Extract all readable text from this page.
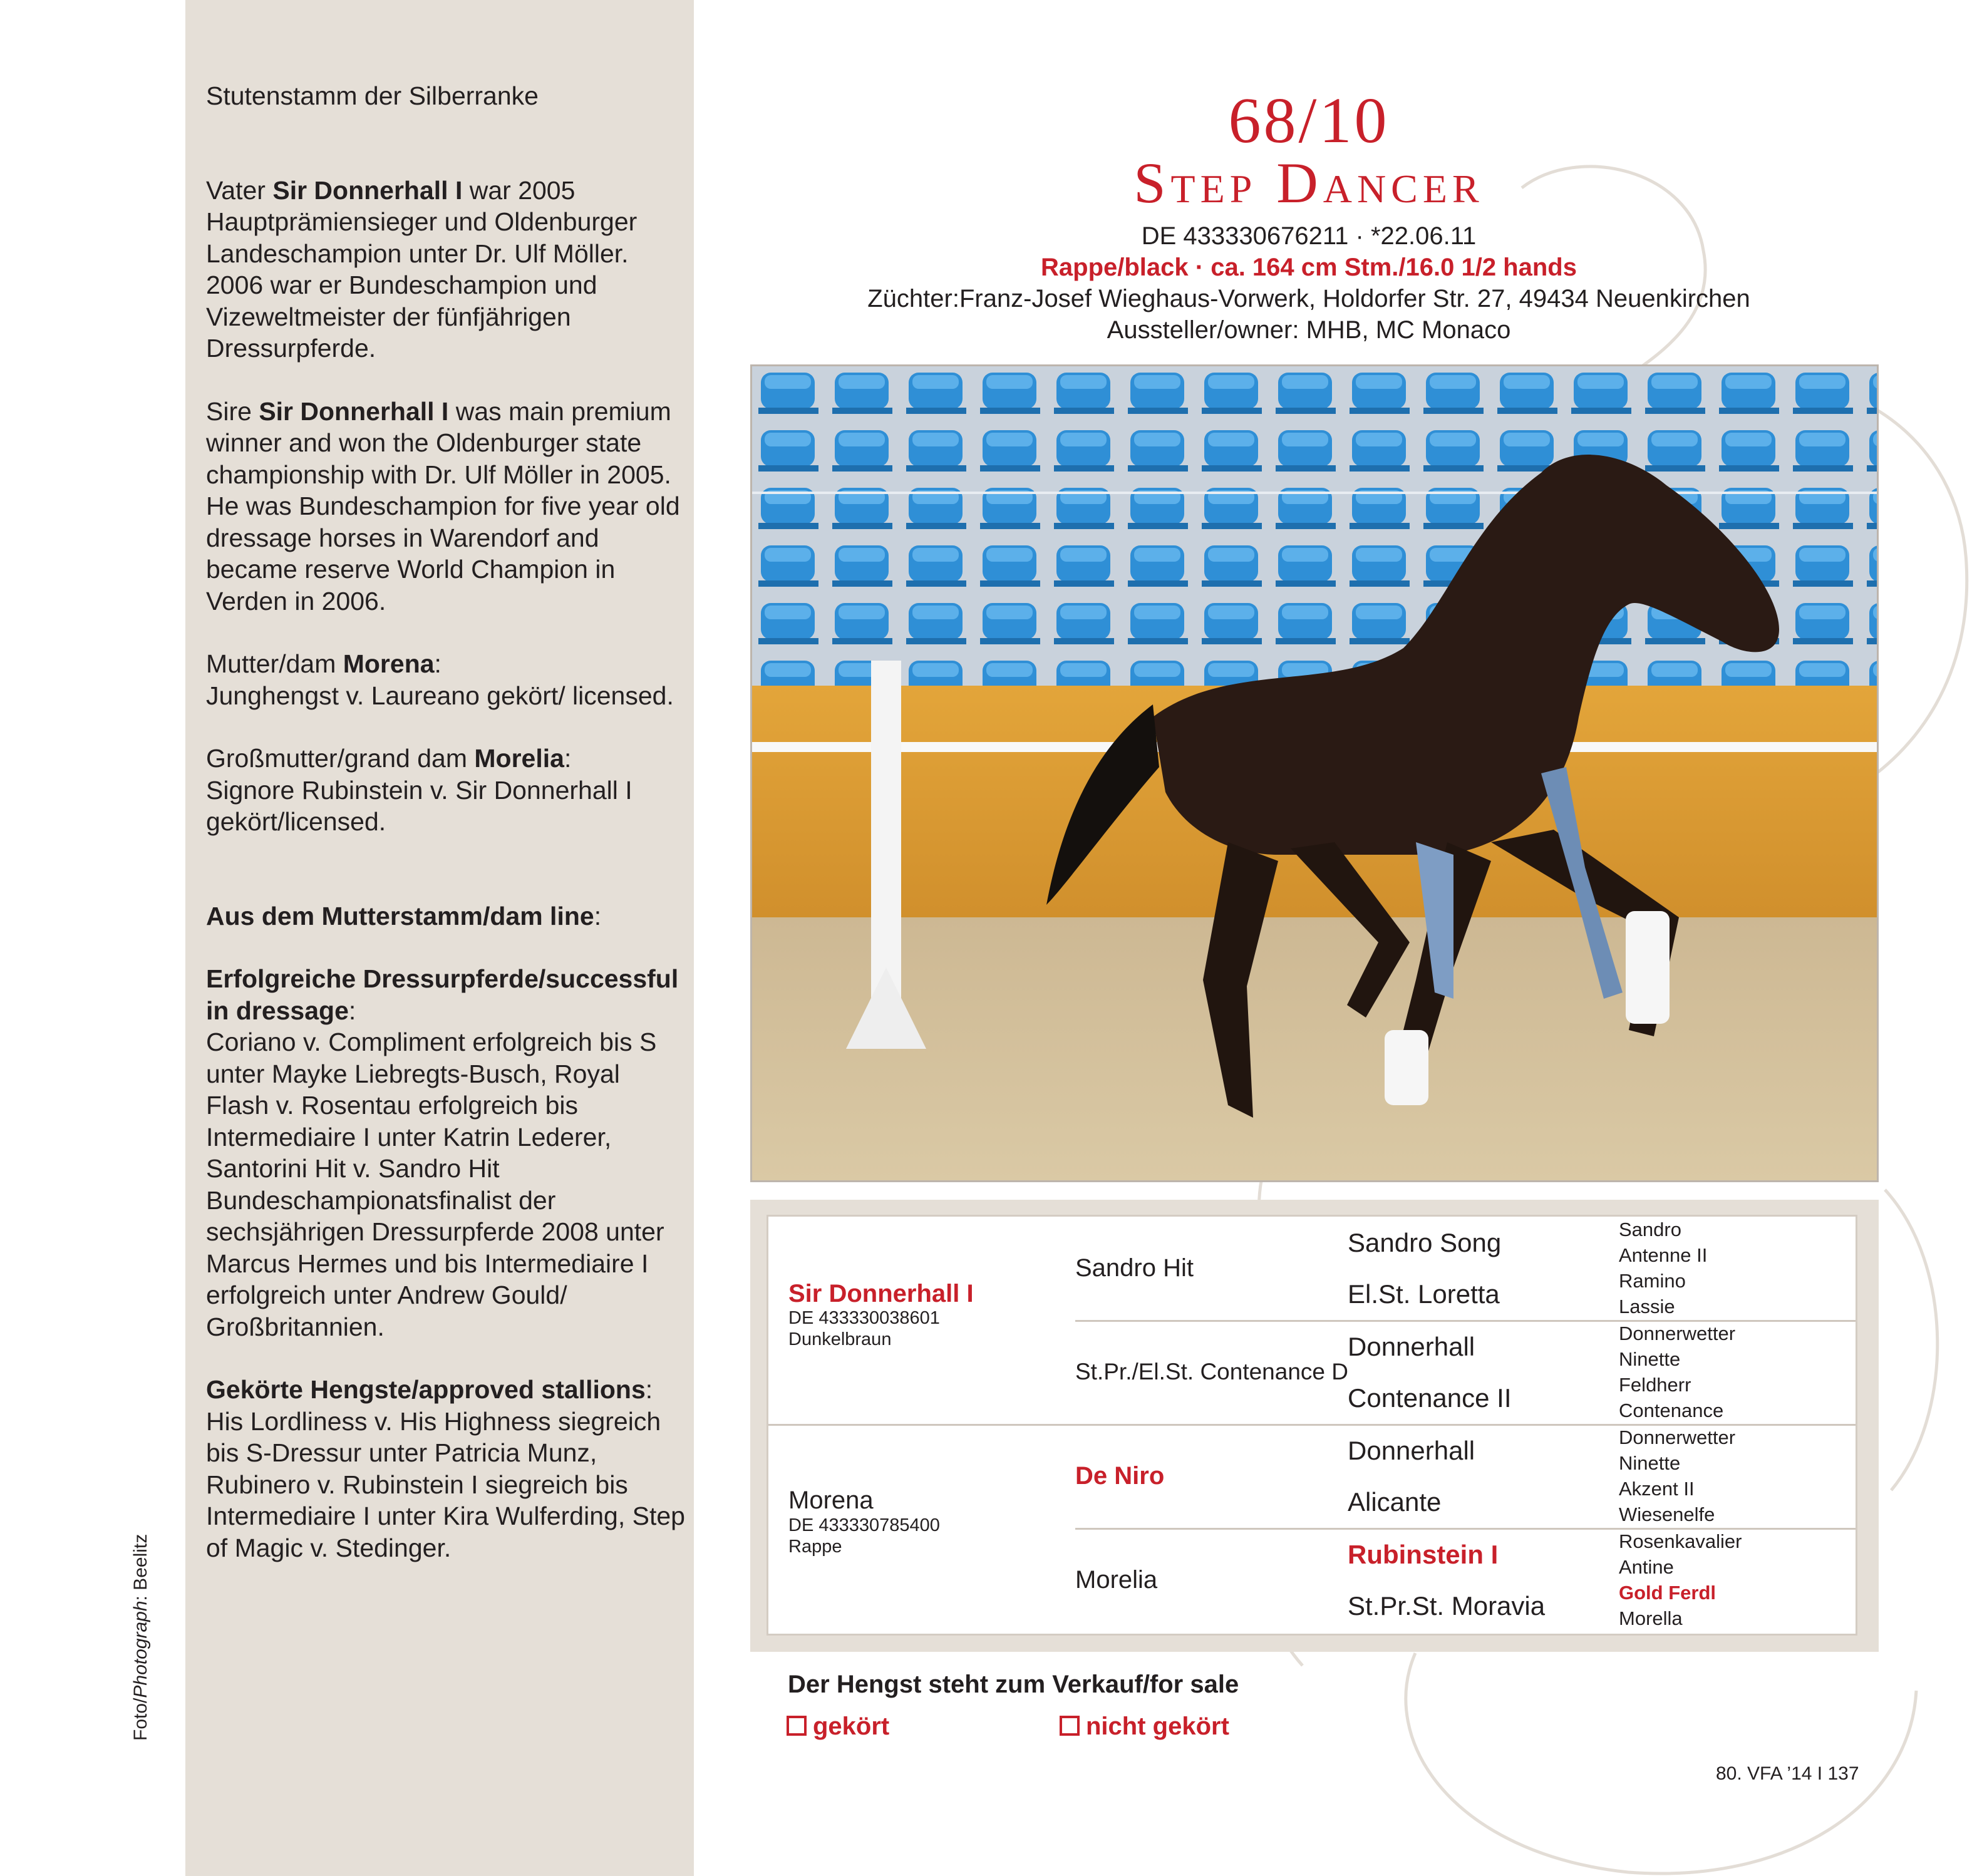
Stutenstamm der Silberranke

Vater Sir Donnerhall I war 2005 Hauptprämiensieger und Oldenburger Landeschampion unter Dr. Ulf Möller. 2006 war er Bundeschampion und Vizeweltmeister der fünfjährigen Dressurpferde.

Sire Sir Donnerhall I was main premium winner and won the Oldenburger state championship with Dr. Ulf Möller in 2005. He was Bundeschampion for five year old dressage horses in Warendorf and became reserve World Champion in Verden in 2006.

Mutter/dam Morena:
Junghengst v. Laureano gekört/ licensed.

Großmutter/grand dam Morelia:
Signore Rubinstein v. Sir Donnerhall I gekört/licensed.

Aus dem Mutterstamm/dam line:

Erfolgreiche Dressurpferde/successful in dressage:
Coriano v. Compliment erfolgreich bis S unter Mayke Liebregts-Busch, Royal Flash v. Rosentau erfolgreich bis Intermediaire I unter Katrin Lederer, Santorini Hit v. Sandro Hit Bundeschampionatsfinalist der sechsjährigen Dressurpferde 2008 unter Marcus Hermes und bis Intermediaire I erfolgreich unter Andrew Gould/ Großbritannien.

Gekörte Hengste/approved stallions:
His Lordliness v. His Highness siegreich bis S-Dressur unter Patricia Munz, Rubinero v. Rubinstein I siegreich bis Intermediaire I unter Kira Wulferding, Step of Magic v. Stedinger.

Foto/Photograph: Beelitz
68/10
Step Dancer
DE 433330676211 · *22.06.11
Rappe/black · ca. 164 cm Stm./16.0 1/2 hands
Züchter:Franz-Josef Wieghaus-Vorwerk, Holdorfer Str. 27, 49434 Neuenkirchen
Aussteller/owner: MHB, MC Monaco
Sir Donnerhall I
DE 433330038601
Dunkelbraun
Morena
DE 433330785400
Rappe
Sandro Hit
St.Pr./El.St. Contenance D
De Niro
Morelia
Sandro Song
El.St. Loretta
Donnerhall
Contenance II
Donnerhall
Alicante
Rubinstein I
St.Pr.St. Moravia
Sandro
Antenne II
Ramino
Lassie
Donnerwetter
Ninette
Feldherr
Contenance
Donnerwetter
Ninette
Akzent II
Wiesenelfe
Rosenkavalier
Antine
Gold Ferdl
Morella
Der Hengst steht zum Verkauf/for sale
gekört	nicht gekört
80. VFA ’14 I 137
